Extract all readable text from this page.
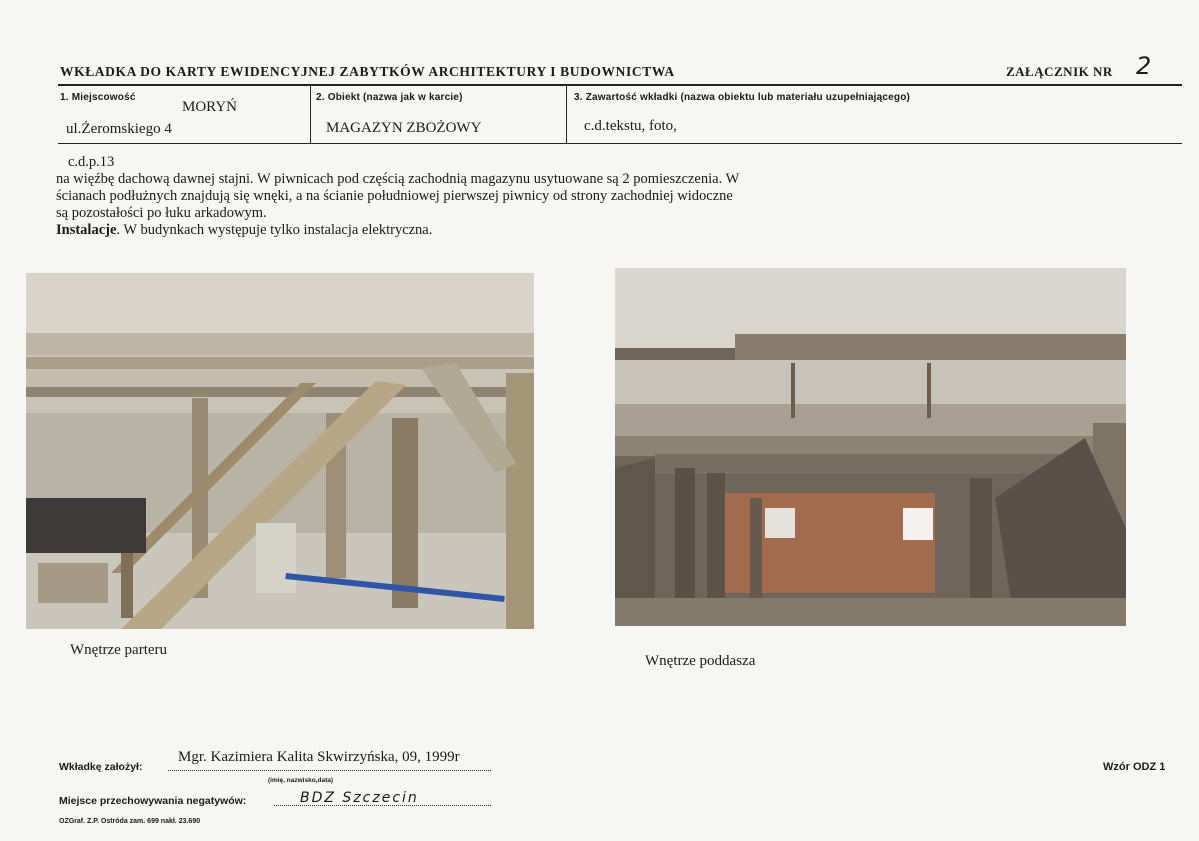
WKŁADKA DO KARTY EWIDENCYJNEJ ZABYTKÓW ARCHITEKTURY I BUDOWNICTWA	ZAŁĄCZNIK NR 2
1. Miejscowość
MORYŃ
ul.Żeromskiego 4
2. Obiekt (nazwa jak w karcie)
MAGAZYN ZBOŻOWY
3. Zawartość wkładki (nazwa obiektu lub materiału uzupełniającego)
c.d.tekstu, foto,

c.d.p.13

na więźbę dachową dawnej stajni. W piwnicach pod częścią zachodnią magazynu usytuowane są 2 pomieszczenia. W

ścianach podłużnych znajdują się wnęki, a na ścianie południowej pierwszej piwnicy od strony zachodniej widoczne

są pozostałości po łuku arkadowym.

Instalacje. W budynkach występuje tylko instalacja elektryczna.

Wnętrze parteru
Wnętrze poddasza
Wkładkę założył:
Mgr. Kazimiera Kalita Skwirzyńska, 09, 1999r
(imię, nazwisko,data)
Miejsce przechowywania negatywów:	BDZ Szczecin
OZGraf. Z.P. Ostróda zam. 699 nakł. 23.690
Wzór ODZ 1
